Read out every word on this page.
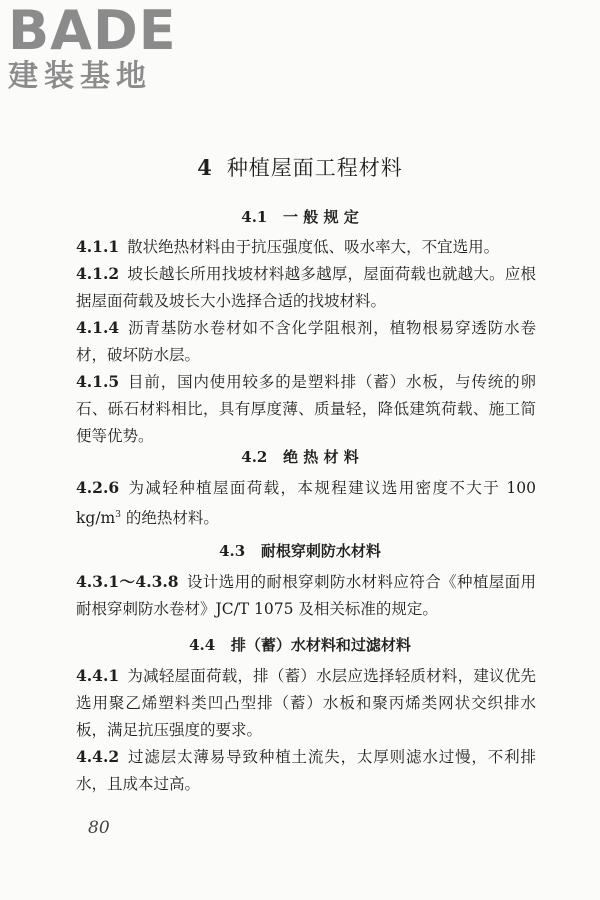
BADE
建装基地
4 种植屋面工程材料
4.1 一 般 规 定
4.1.1 散状绝热材料由于抗压强度低、吸水率大，不宜选用。
4.1.2 坡长越长所用找坡材料越多越厚，屋面荷载也就越大。应根据屋面荷载及坡长大小选择合适的找坡材料。
4.1.4 沥青基防水卷材如不含化学阻根剂，植物根易穿透防水卷材，破坏防水层。
4.1.5 目前，国内使用较多的是塑料排（蓄）水板，与传统的卵石、砾石材料相比，具有厚度薄、质量轻，降低建筑荷载、施工简便等优势。
4.2 绝 热 材 料
4.2.6 为减轻种植屋面荷载，本规程建议选用密度不大于 100 $kg/m^3$ 的绝热材料。
4.3 耐根穿刺防水材料
4.3.1～4.3.8 设计选用的耐根穿刺防水材料应符合《种植屋面用耐根穿刺防水卷材》JC/T 1075 及相关标准的规定。
4.4 排（蓄）水材料和过滤材料
4.4.1 为减轻屋面荷载，排（蓄）水层应选择轻质材料，建议优先选用聚乙烯塑料类凹凸型排（蓄）水板和聚丙烯类网状交织排水板，满足抗压强度的要求。
4.4.2 过滤层太薄易导致种植土流失，太厚则滤水过慢，不利排水，且成本过高。
80
